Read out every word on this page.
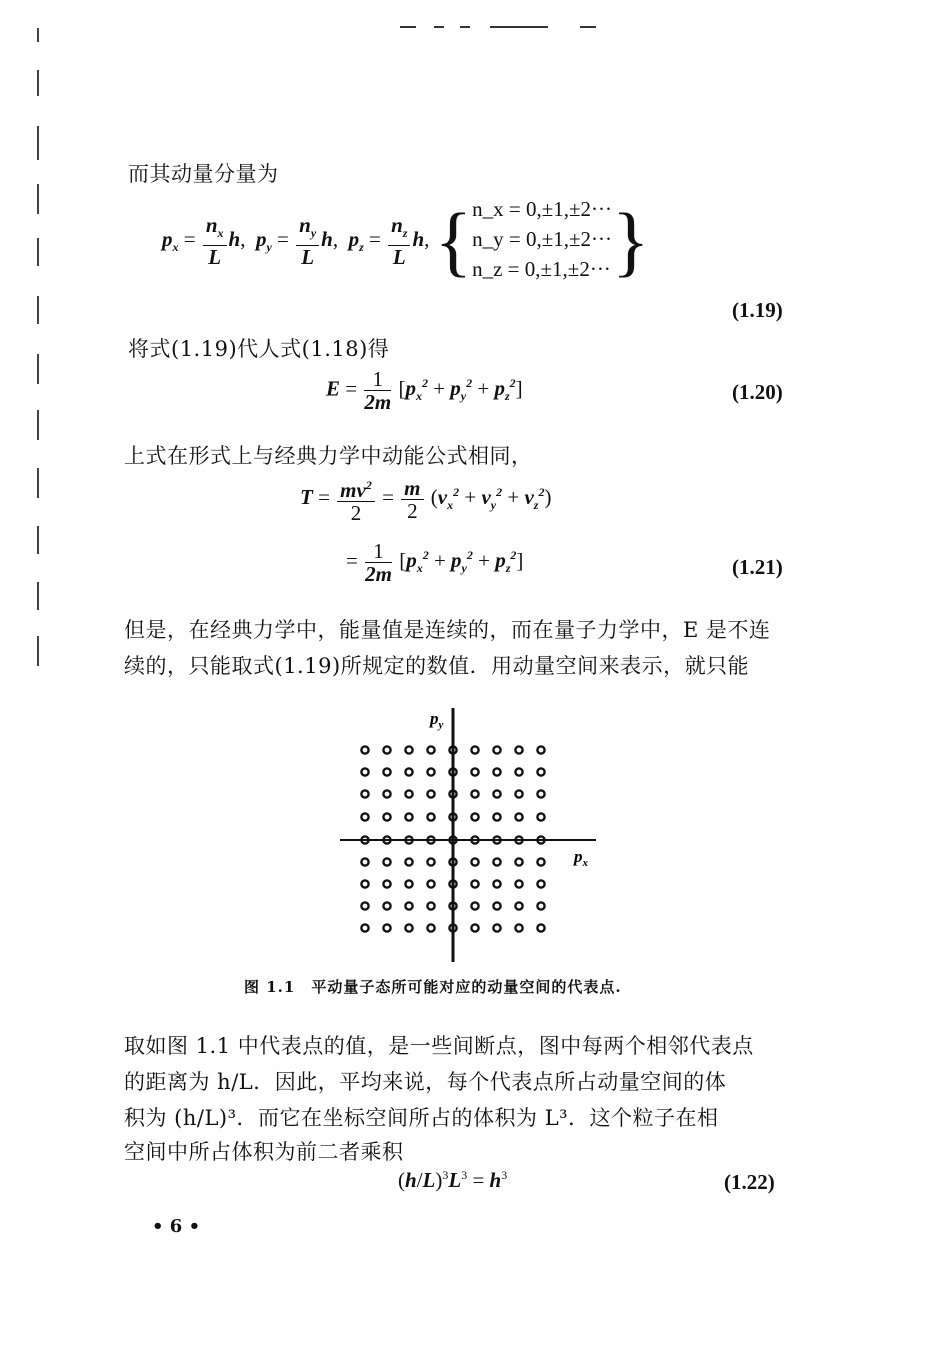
而其动量分量为
$p_x = \frac{n_x}{L} h$,  $p_y = \frac{n_y}{L} h$,  $p_z = \frac{n_z}{L} h$, { n_x = 0,±1,±2···
n_y = 0,±1,±2···
n_z = 0,±1,±2··· }
(1.19)
将式(1.19)代人式(1.18)得
$E = \frac{1}{2m} [p_x^2 + p_y^2 + p_z^2]$	(1.20)
上式在形式上与经典力学中动能公式相同，
$T = \frac{mv^2}{2} = \frac{m}{2} (v_x^2 + v_y^2 + v_z^2)$
= $\frac{1}{2m} [p_x^2 + p_y^2 + p_z^2]$	(1.21)
但是，在经典力学中，能量值是连续的，而在量子力学中，E 是不连
续的，只能取式(1.19)所规定的数值．用动量空间来表示，就只能
$p_y$
$p_x$
图 1.1　平动量子态所可能对应的动量空间的代表点.
取如图 1.1 中代表点的值，是一些间断点，图中每两个相邻代表点
的距离为 h/L．因此，平均来说，每个代表点所占动量空间的体
积为 (h/L)³．而它在坐标空间所占的体积为 L³．这个粒子在相
空间中所占体积为前二者乘积
$(h/L)^3L^3 = h^3$	(1.22)
• 6 •
